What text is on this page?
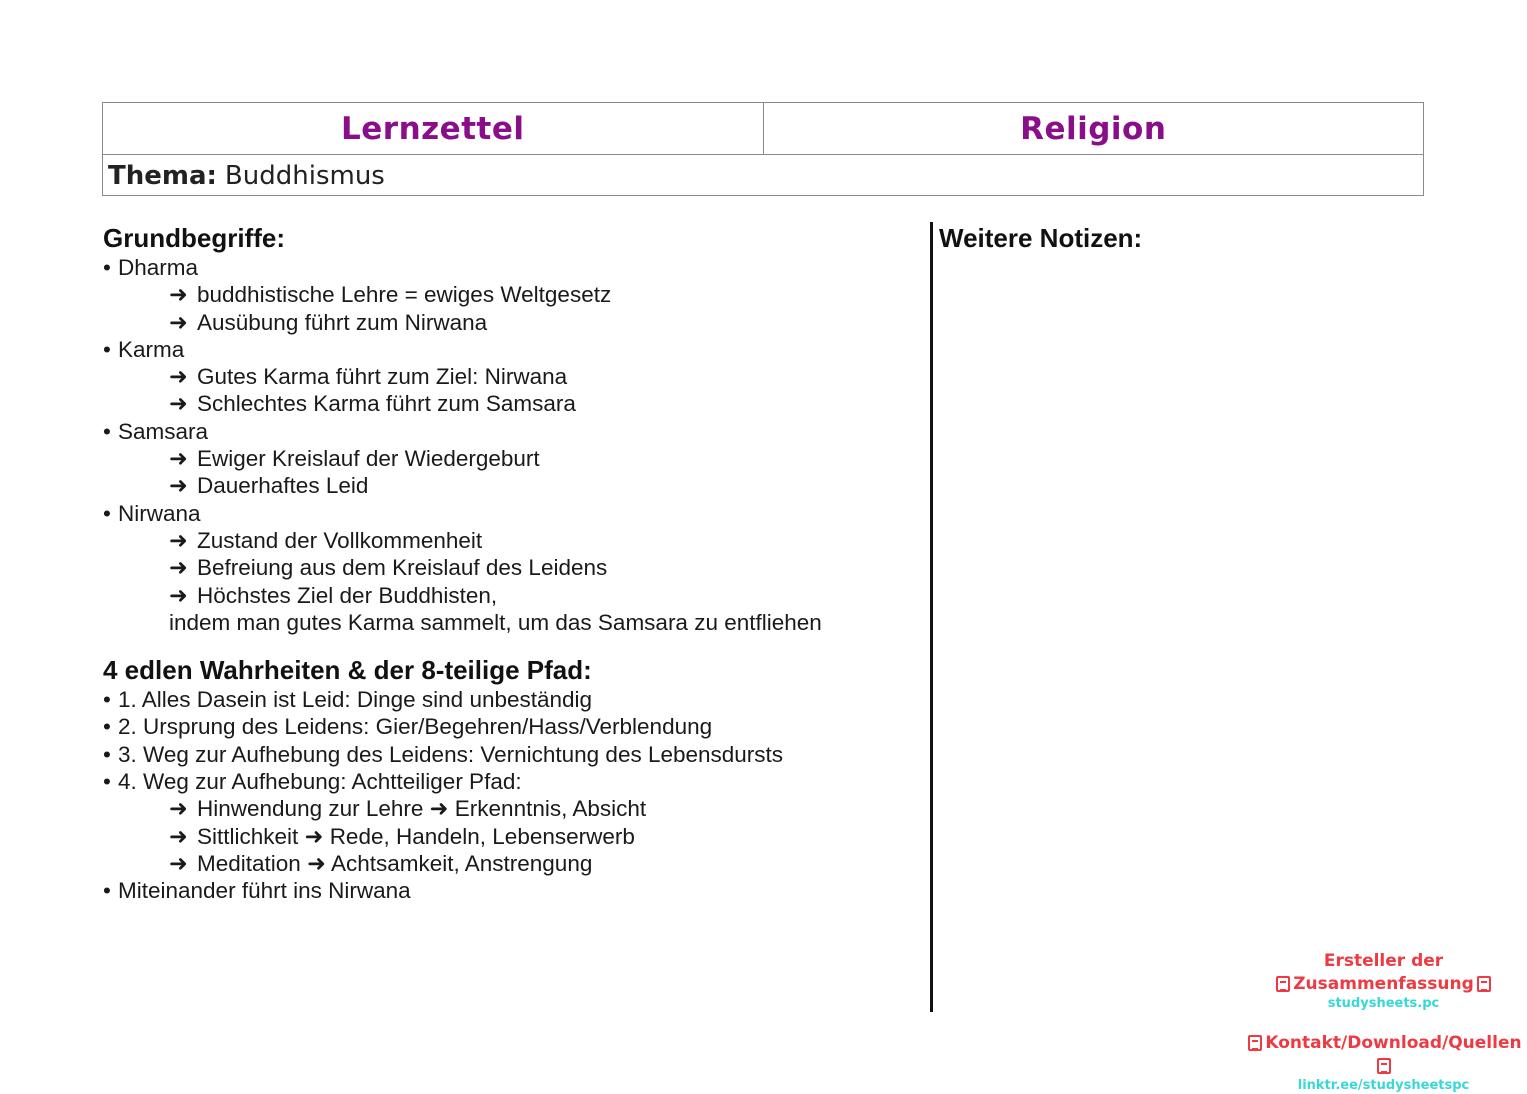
Lernzettel	Religion
Thema: Buddhismus
Grundbegriffe:
• Dharma
➜ buddhistische Lehre = ewiges Weltgesetz
➜ Ausübung führt zum Nirwana
• Karma
➜ Gutes Karma führt zum Ziel: Nirwana
➜ Schlechtes Karma führt zum Samsara
• Samsara
➜ Ewiger Kreislauf der Wiedergeburt
➜ Dauerhaftes Leid
• Nirwana
➜ Zustand der Vollkommenheit
➜ Befreiung aus dem Kreislauf des Leidens
➜ Höchstes Ziel der Buddhisten,
indem man gutes Karma sammelt, um das Samsara zu entfliehen
4 edlen Wahrheiten & der 8-teilige Pfad:
• 1. Alles Dasein ist Leid: Dinge sind unbeständig
• 2. Ursprung des Leidens: Gier/Begehren/Hass/Verblendung
• 3. Weg zur Aufhebung des Leidens: Vernichtung des Lebensdursts
• 4. Weg zur Aufhebung: Achtteiliger Pfad:
➜ Hinwendung zur Lehre ➜ Erkenntnis, Absicht
➜ Sittlichkeit ➜ Rede, Handeln, Lebenserwerb
➜ Meditation ➜ Achtsamkeit, Anstrengung
• Miteinander führt ins Nirwana
Weitere Notizen:
Ersteller der
Zusammenfassung
studysheets.pc
Kontakt/Download/Quellen
linktr.ee/studysheetspc
